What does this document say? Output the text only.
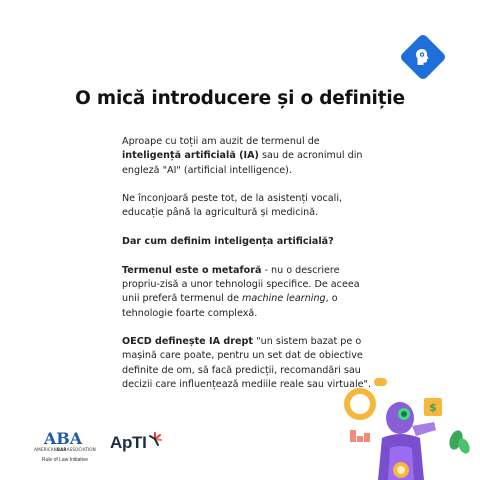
O mică introducere și o definiție

Aproape cu toții am auzit de termenul de inteligență artificială (IA) sau de acronimul din engleză "AI" (artificial intelligence).

Ne înconjoară peste tot, de la asistenți vocali, educație până la agricultură și medicină.

Dar cum definim inteligența artificială?

Termenul este o metaforă - nu o descriere propriu-zisă a unor tehnologii specifice. De aceea unii preferă termenul de machine learning, o tehnologie foarte complexă.

OECD definește IA drept "un sistem bazat pe o mașină care poate, pentru un set dat de obiective definite de om, să facă predicții, recomandări sau decizii care influențează mediile reale sau virtuale".

ABA
AMERICANBARASSOCIATION
Rule of Law Initiative
ApTI
$
